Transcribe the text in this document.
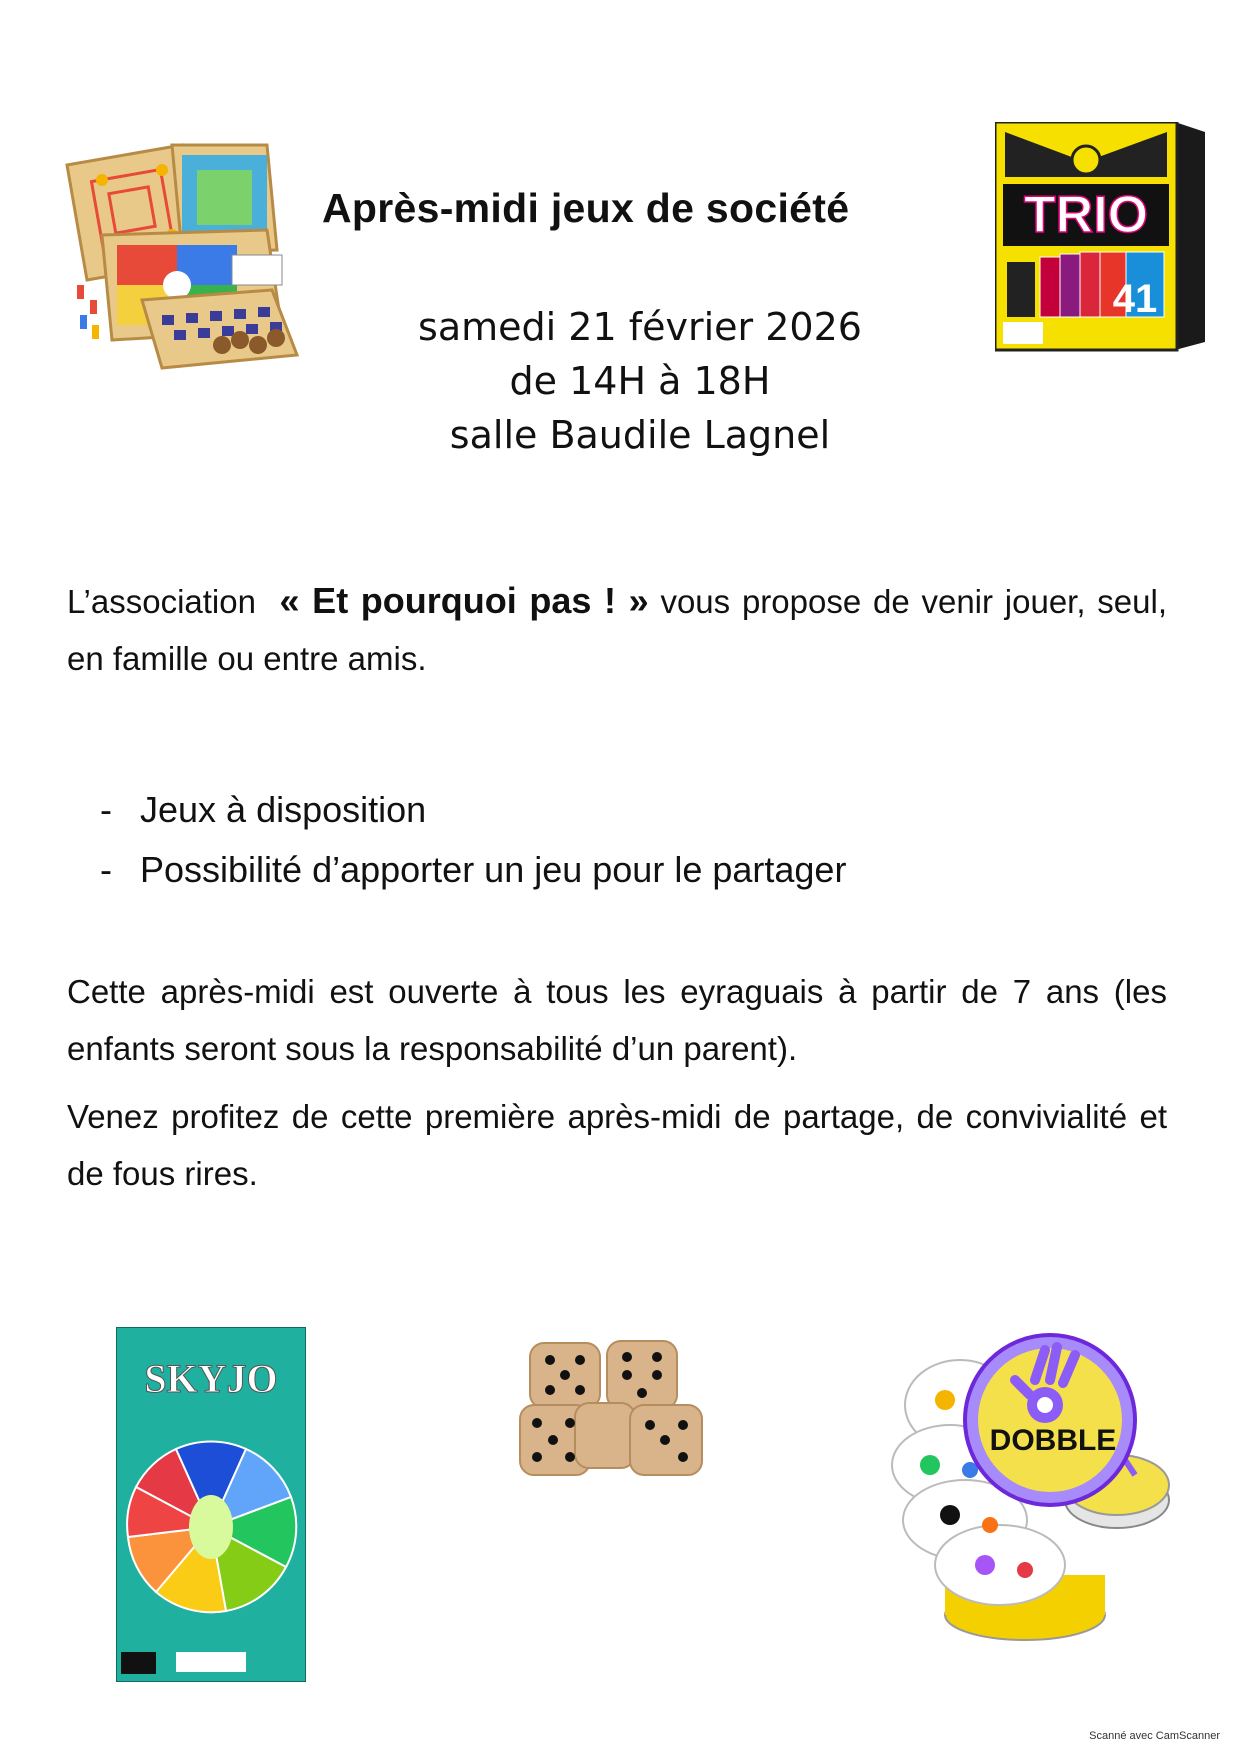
Après-midi jeux de société	TRIO
41
samedi 21 février 2026
de 14H à 18H
salle Baudile Lagnel
L’association « Et pourquoi pas ! » vous propose de venir jouer, seul, en famille ou entre amis.
- Jeux à disposition
- Possibilité d’apporter un jeu pour le partager
Cette après-midi est ouverte à tous les eyraguais à partir de 7 ans (les enfants seront sous la responsabilité d’un parent).
Venez profitez de cette première après-midi de partage, de convivialité et de fous rires.
SKYJO
DOBBLE
Scanné avec CamScanner
